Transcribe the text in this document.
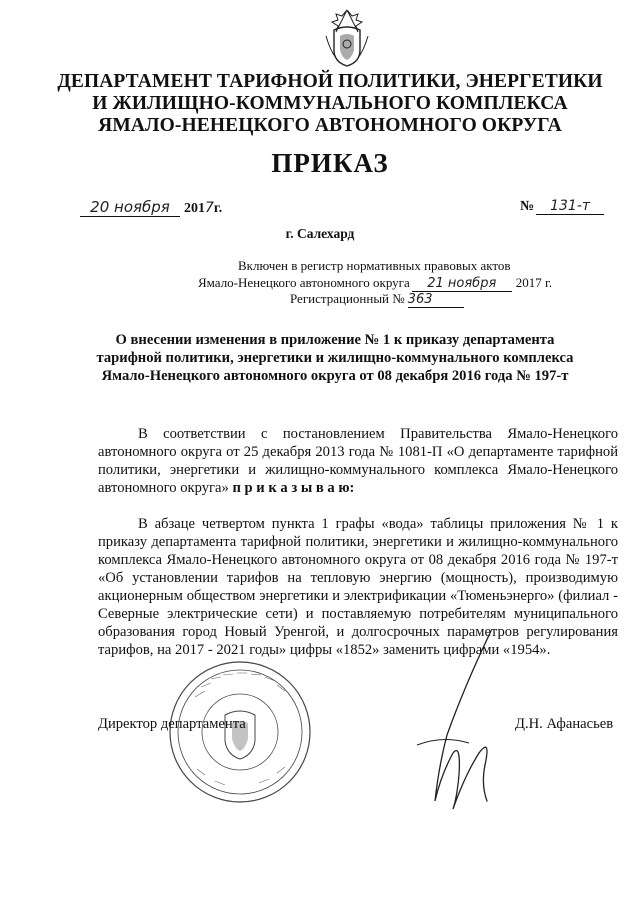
ДЕПАРТАМЕНТ ТАРИФНОЙ ПОЛИТИКИ, ЭНЕРГЕТИКИ
И ЖИЛИЩНО-КОММУНАЛЬНОГО КОМПЛЕКСА
ЯМАЛО-НЕНЕЦКОГО АВТОНОМНОГО ОКРУГА
ПРИКАЗ
20 ноября 2017г.	№ 131-т
г. Салехард
Включен в регистр нормативных правовых актов
Ямало-Ненецкого автономного округа 21 ноября 2017 г.
Регистрационный № 363
О внесении изменения в приложение № 1 к приказу департамента
тарифной политики, энергетики и жилищно-коммунального комплекса
Ямало-Ненецкого автономного округа от 08 декабря 2016 года № 197-т
В соответствии с постановлением Правительства Ямало-Ненецкого автономного округа от 25 декабря 2013 года № 1081-П «О департаменте тарифной политики, энергетики и жилищно-коммунального комплекса Ямало-Ненецкого автономного округа» п р и к а з ы в а ю:
В абзаце четвертом пункта 1 графы «вода» таблицы приложения № 1 к приказу департамента тарифной политики, энергетики и жилищно-коммунального комплекса Ямало-Ненецкого автономного округа от 08 декабря 2016 года № 197-т «Об установлении тарифов на тепловую энергию (мощность), производимую акционерным обществом энергетики и электрификации «Тюменьэнерго» (филиал - Северные электрические сети) и поставляемую потребителям муниципального образования город Новый Уренгой, и долгосрочных параметров регулирования тарифов, на 2017 - 2021 годы» цифры «1852» заменить цифрами «1954».
Директор департамента	Д.Н. Афанасьев
